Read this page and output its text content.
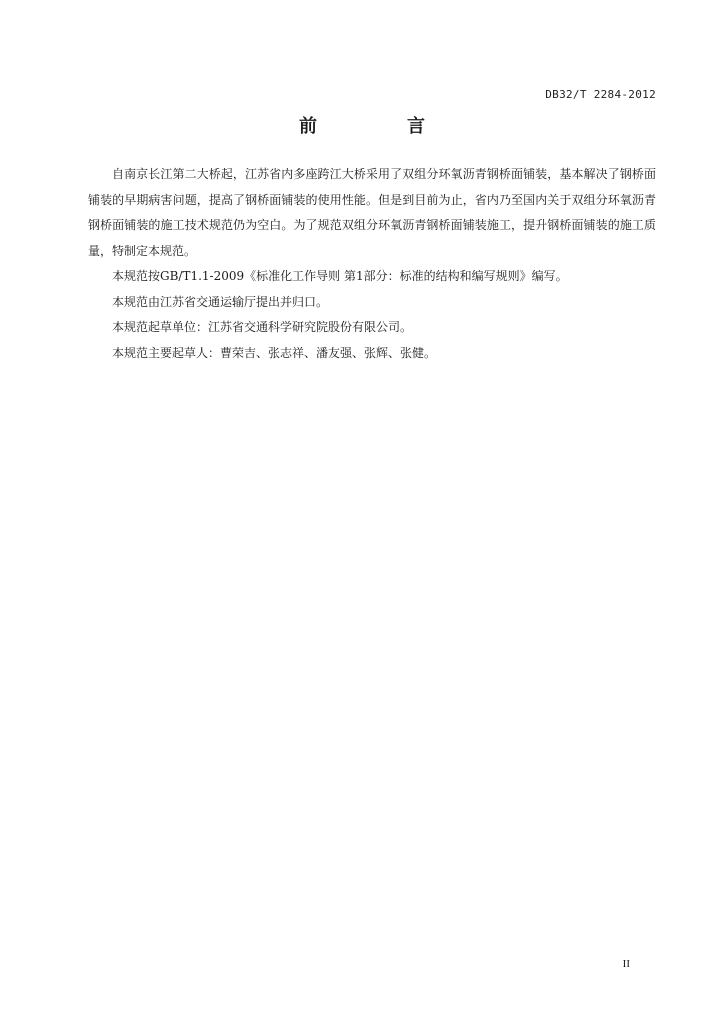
DB32/T 2284-2012
前　言

自南京长江第二大桥起，江苏省内多座跨江大桥采用了双组分环氧沥青钢桥面铺装，基本解决了钢桥面铺装的早期病害问题，提高了钢桥面铺装的使用性能。但是到目前为止，省内乃至国内关于双组分环氧沥青钢桥面铺装的施工技术规范仍为空白。为了规范双组分环氧沥青钢桥面铺装施工，提升钢桥面铺装的施工质量，特制定本规范。

本规范按GB/T1.1-2009《标准化工作导则 第1部分：标准的结构和编写规则》编写。

本规范由江苏省交通运输厅提出并归口。

本规范起草单位：江苏省交通科学研究院股份有限公司。

本规范主要起草人：曹荣吉、张志祥、潘友强、张辉、张健。

II
